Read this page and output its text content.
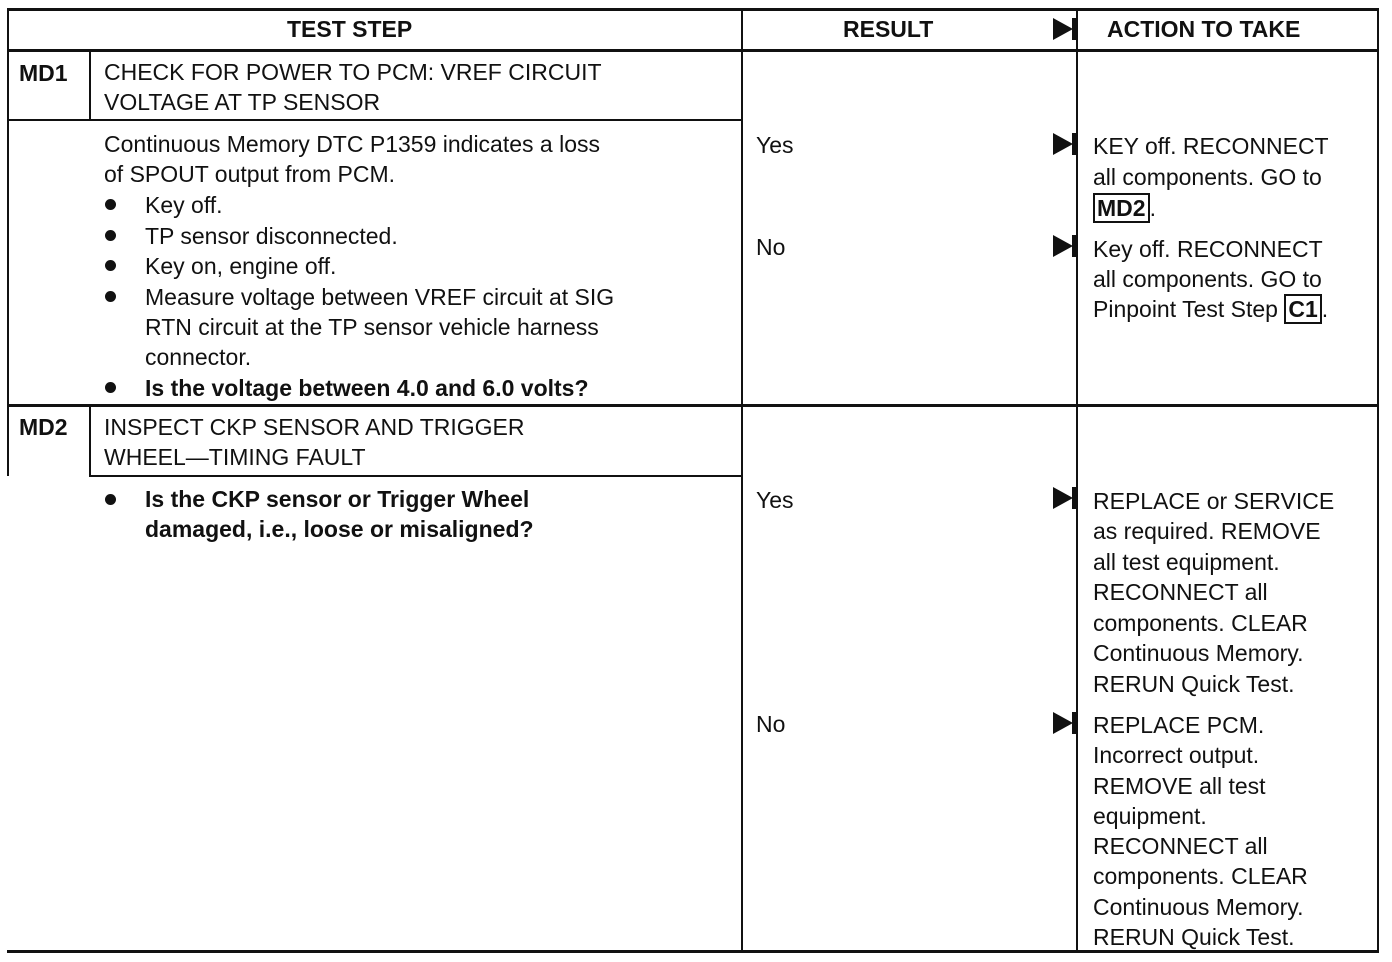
TEST STEP	RESULT	ACTION TO TAKE
MD1 CHECK FOR POWER TO PCM: VREF CIRCUIT
VOLTAGE AT TP SENSOR
Continuous Memory DTC P1359 indicates a loss
of SPOUT output from PCM.
Key off.
TP sensor disconnected.
Key on, engine off.
Measure voltage between VREF circuit at SIG
RTN circuit at the TP sensor vehicle harness
connector.
Is the voltage between 4.0 and 6.0 volts?
Yes	KEY off. RECONNECT
all components. GO to
MD2 .
No	Key off. RECONNECT
all components. GO to
Pinpoint Test Step C1 .
MD2 INSPECT CKP SENSOR AND TRIGGER
WHEEL—TIMING FAULT
Is the CKP sensor or Trigger Wheel
damaged, i.e., loose or misaligned?
Yes	REPLACE or SERVICE
as required. REMOVE
all test equipment.
RECONNECT all
components. CLEAR
Continuous Memory.
RERUN Quick Test.
No	REPLACE PCM.
Incorrect output.
REMOVE all test
equipment.
RECONNECT all
components. CLEAR
Continuous Memory.
RERUN Quick Test.
